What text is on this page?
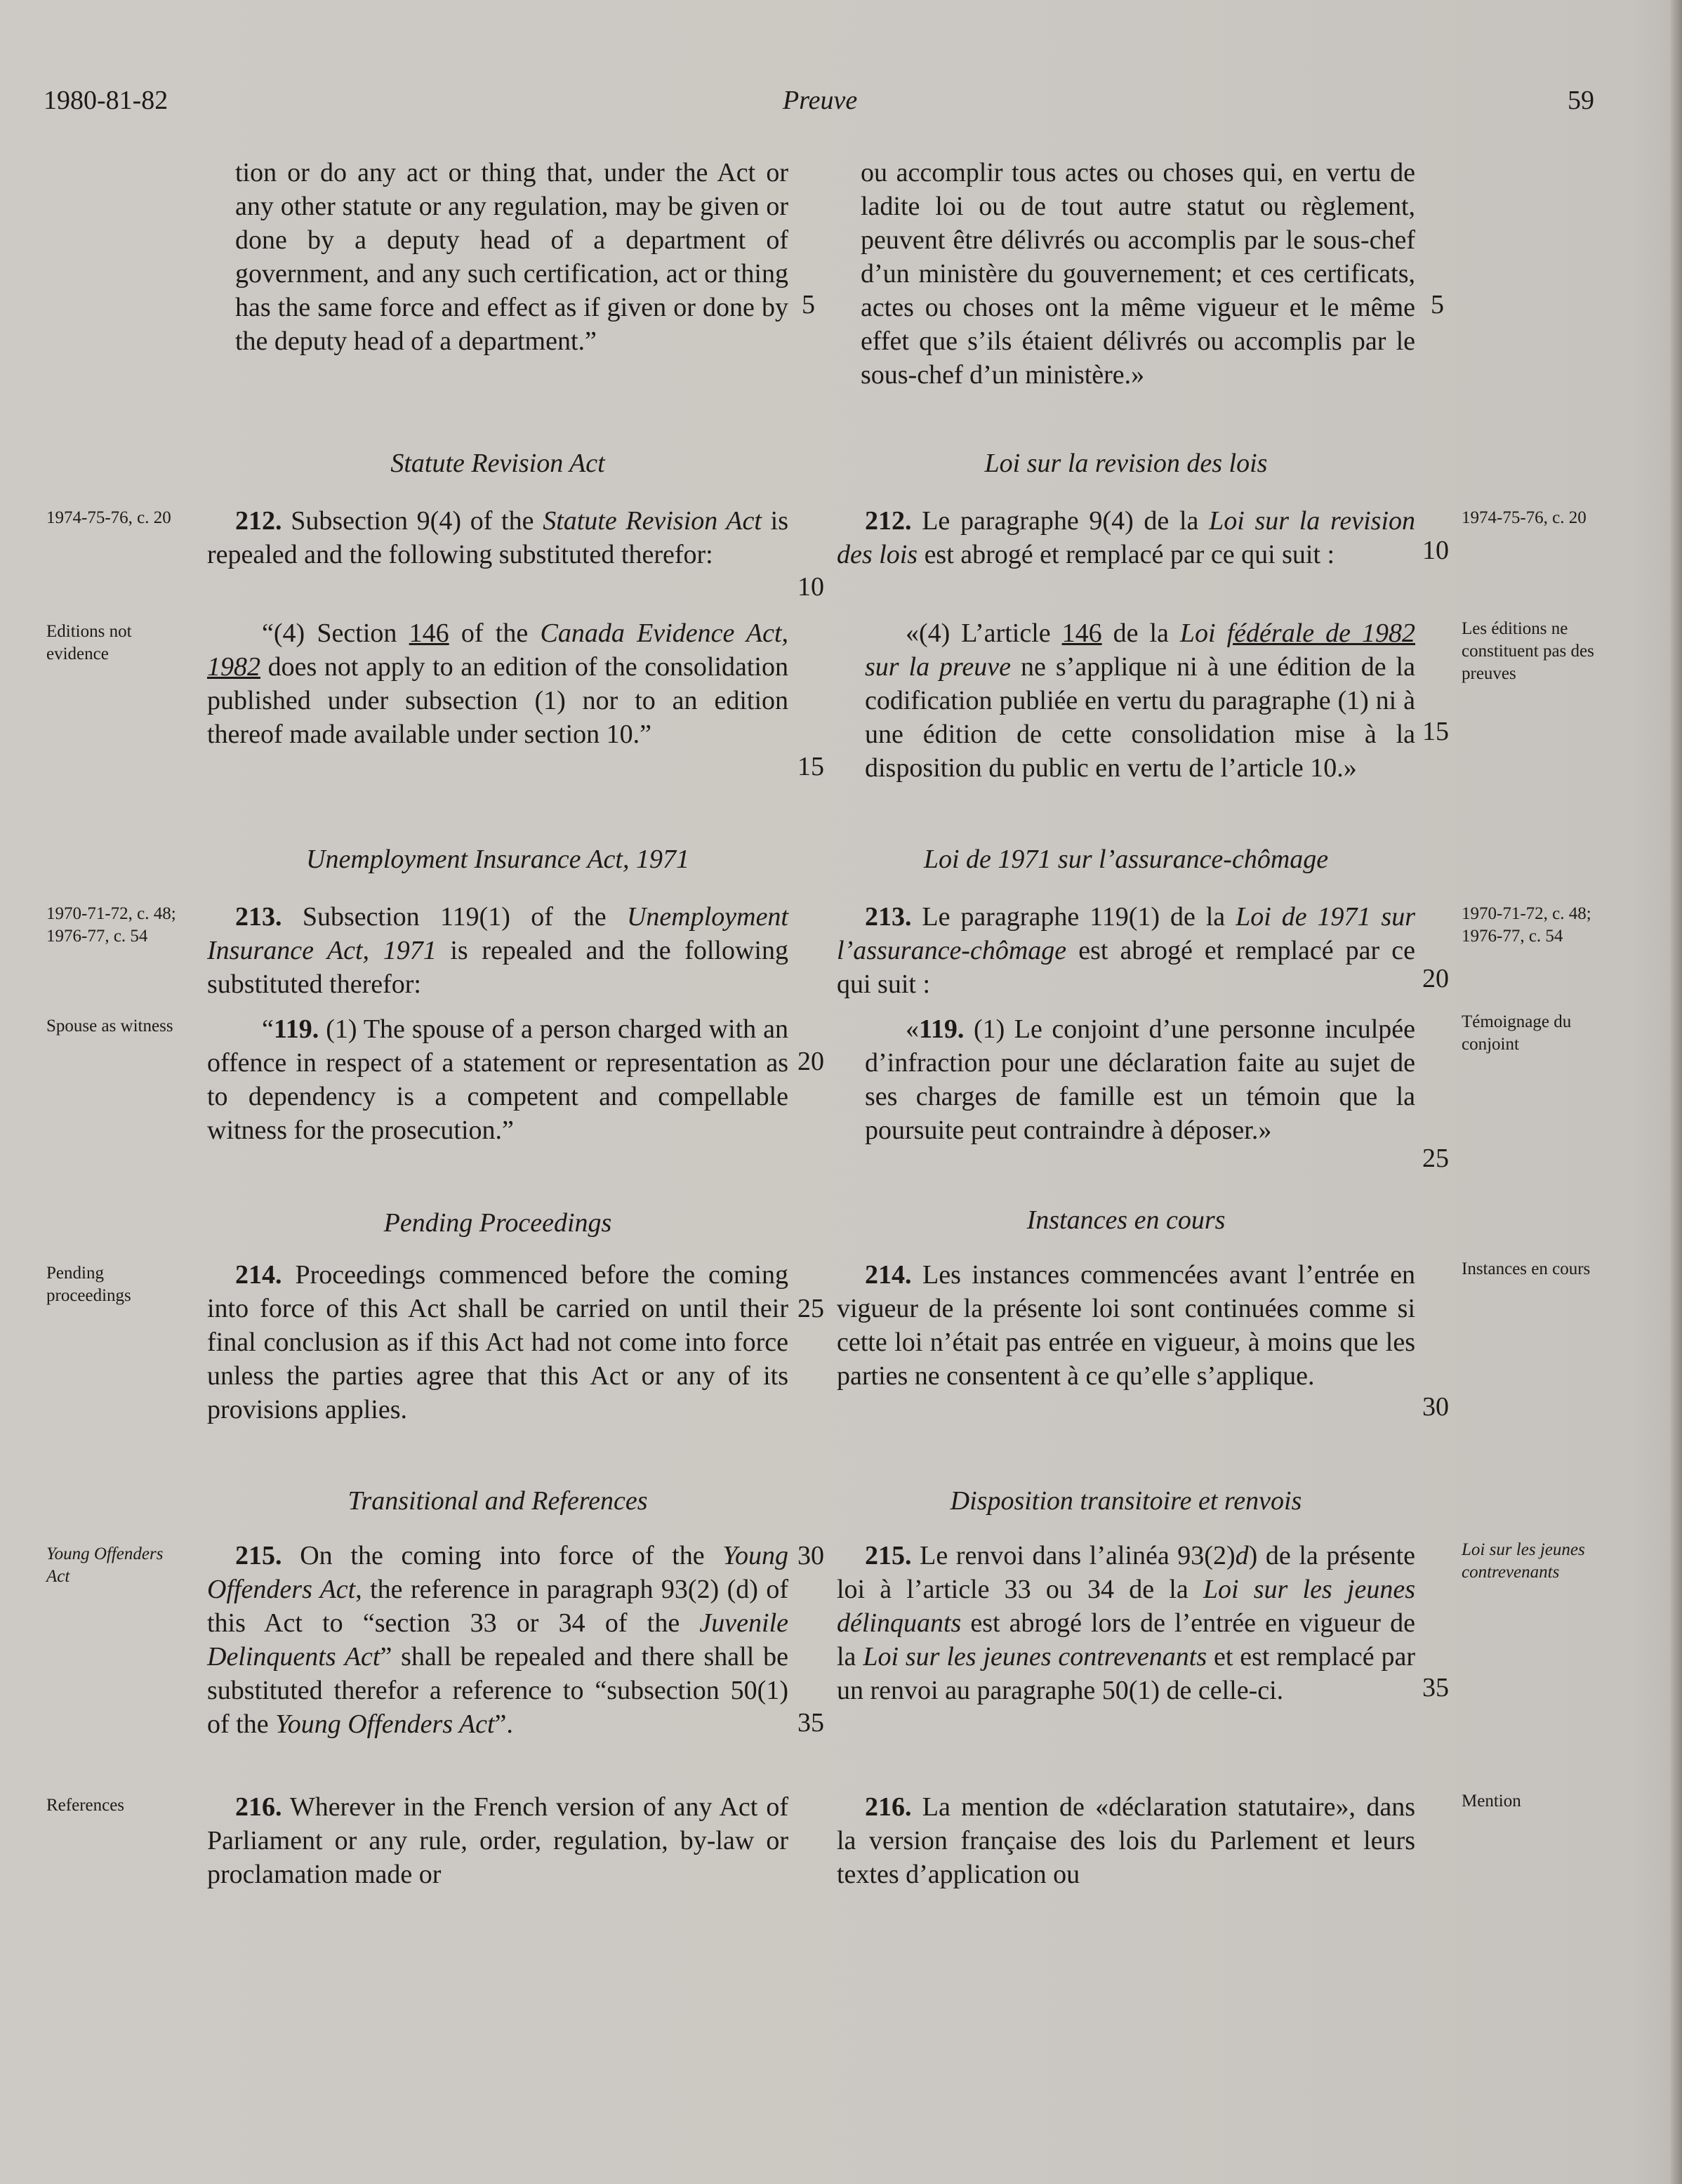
1980-81-82	Preuve	59
1974-75-76, c. 20
Editions not evidence
1970-71-72, c. 48; 1976-77, c. 54
Spouse as witness
Pending proceedings
Young Offenders Act
References
1974-75-76, c. 20
Les éditions ne constituent pas des preuves
1970-71-72, c. 48; 1976-77, c. 54
Témoignage du conjoint
Instances en cours
Loi sur les jeunes contrevenants
Mention
tion or do any act or thing that, under the Act or any other statute or any regulation, may be given or done by a deputy head of a department of government, and any such certification, act or thing has the same force and effect as if given or done by the deputy head of a department.”
Statute Revision Act
212. Subsection 9(4) of the Statute Revision Act is repealed and the following substituted therefor:
“(4) Section 146 of the Canada Evidence Act, 1982 does not apply to an edition of the consolidation published under subsection (1) nor to an edition thereof made available under section 10.”
Unemployment Insurance Act, 1971
213. Subsection 119(1) of the Unemployment Insurance Act, 1971 is repealed and the following substituted therefor:
“119. (1) The spouse of a person charged with an offence in respect of a statement or representation as to dependency is a competent and compellable witness for the prosecution.”
Pending Proceedings
214. Proceedings commenced before the coming into force of this Act shall be carried on until their final conclusion as if this Act had not come into force unless the parties agree that this Act or any of its provisions applies.
Transitional and References
215. On the coming into force of the Young Offenders Act, the reference in paragraph 93(2) (d) of this Act to “section 33 or 34 of the Juvenile Delinquents Act” shall be repealed and there shall be substituted therefor a reference to “subsection 50(1) of the Young Offenders Act”.
216. Wherever in the French version of any Act of Parliament or any rule, order, regulation, by-law or proclamation made or
ou accomplir tous actes ou choses qui, en vertu de ladite loi ou de tout autre statut ou règlement, peuvent être délivrés ou accomplis par le sous-chef d’un ministère du gouvernement; et ces certificats, actes ou choses ont la même vigueur et le même effet que s’ils étaient délivrés ou accomplis par le sous-chef d’un ministère.»
Loi sur la revision des lois
212. Le paragraphe 9(4) de la Loi sur la revision des lois est abrogé et remplacé par ce qui suit :
«(4) L’article 146 de la Loi fédérale de 1982 sur la preuve ne s’applique ni à une édition de la codification publiée en vertu du paragraphe (1) ni à une édition de cette consolidation mise à la disposition du public en vertu de l’article 10.»
Loi de 1971 sur l’assurance-chômage
213. Le paragraphe 119(1) de la Loi de 1971 sur l’assurance-chômage est abrogé et remplacé par ce qui suit :
«119. (1) Le conjoint d’une personne inculpée d’infraction pour une déclaration faite au sujet de ses charges de famille est un témoin que la poursuite peut contraindre à déposer.»
Instances en cours
214. Les instances commencées avant l’entrée en vigueur de la présente loi sont continuées comme si cette loi n’était pas entrée en vigueur, à moins que les parties ne consentent à ce qu’elle s’applique.
Disposition transitoire et renvois
215. Le renvoi dans l’alinéa 93(2)d) de la présente loi à l’article 33 ou 34 de la Loi sur les jeunes délinquants est abrogé lors de l’entrée en vigueur de la Loi sur les jeunes contrevenants et est remplacé par un renvoi au paragraphe 50(1) de celle-ci.
216. La mention de «déclaration statutaire», dans la version française des lois du Parlement et leurs textes d’application ou
5
10
15
20
25
30
35
5
10
15
20
25
30
35
